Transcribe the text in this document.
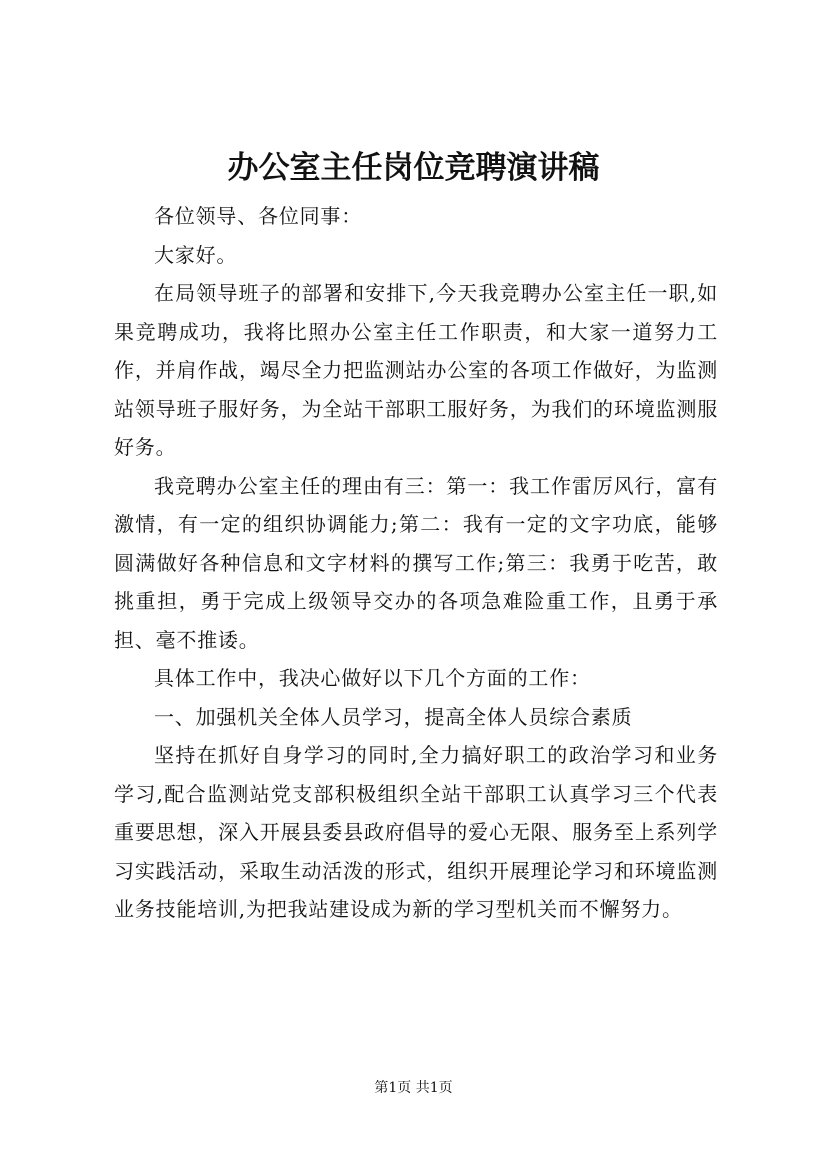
办公室主任岗位竞聘演讲稿

各位领导、各位同事：

大家好。

在局领导班子的部署和安排下,今天我竞聘办公室主任一职,如果竞聘成功，我将比照办公室主任工作职责，和大家一道努力工作，并肩作战，竭尽全力把监测站办公室的各项工作做好，为监测站领导班子服好务，为全站干部职工服好务，为我们的环境监测服好务。

我竞聘办公室主任的理由有三：第一：我工作雷厉风行，富有激情，有一定的组织协调能力;第二：我有一定的文字功底，能够圆满做好各种信息和文字材料的撰写工作;第三：我勇于吃苦，敢挑重担，勇于完成上级领导交办的各项急难险重工作，且勇于承担、毫不推诿。

具体工作中，我决心做好以下几个方面的工作：

一、加强机关全体人员学习，提高全体人员综合素质

坚持在抓好自身学习的同时,全力搞好职工的政治学习和业务学习,配合监测站党支部积极组织全站干部职工认真学习三个代表重要思想，深入开展县委县政府倡导的爱心无限、服务至上系列学习实践活动，采取生动活泼的形式，组织开展理论学习和环境监测业务技能培训,为把我站建设成为新的学习型机关而不懈努力。

第1页 共1页
